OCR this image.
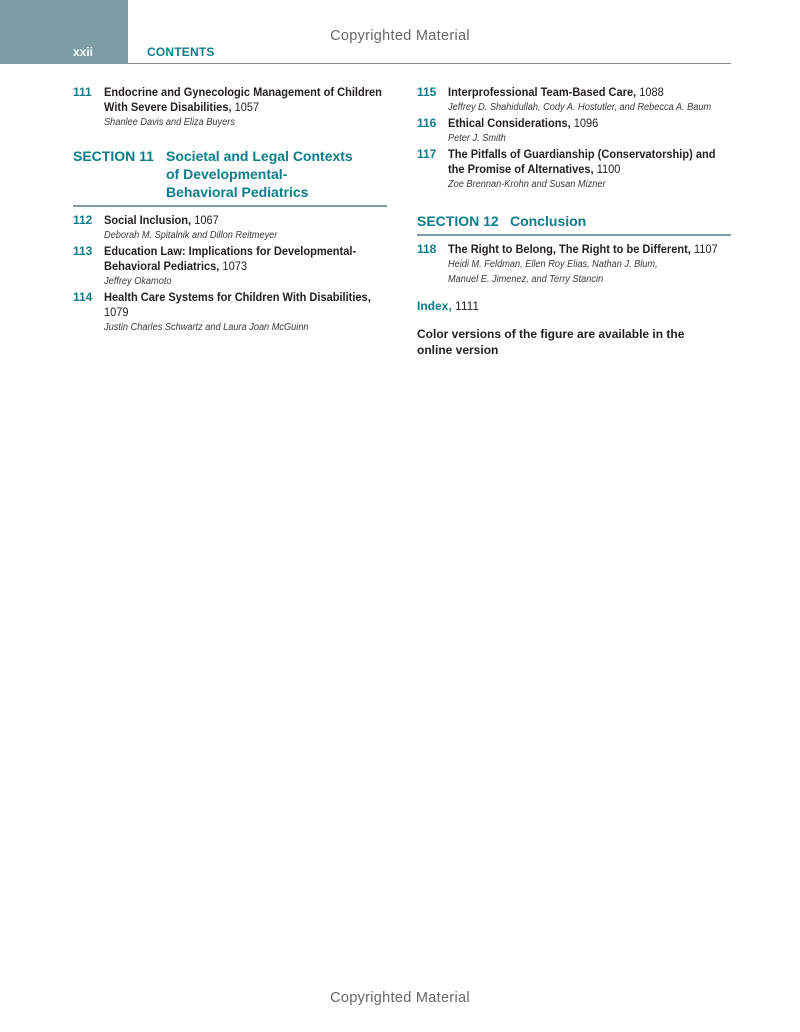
xxii	CONTENTS
Copyrighted Material
Copyrighted Material
111 Endocrine and Gynecologic Management of Children With Severe Disabilities, 1057
Shanlee Davis and Eliza Buyers
SECTION 11 Societal and Legal Contexts of Developmental-Behavioral Pediatrics
112 Social Inclusion, 1067
Deborah M. Spitalnik and Dillon Reitmeyer
113 Education Law: Implications for Developmental-Behavioral Pediatrics, 1073
Jeffrey Okamoto
114 Health Care Systems for Children With Disabilities, 1079
Justin Charles Schwartz and Laura Joan McGuinn
115 Interprofessional Team-Based Care, 1088
Jeffrey D. Shahidullah, Cody A. Hostutler, and Rebecca A. Baum
116 Ethical Considerations, 1096
Peter J. Smith
117 The Pitfalls of Guardianship (Conservatorship) and the Promise of Alternatives, 1100
Zoe Brennan-Krohn and Susan Mizner
SECTION 12 Conclusion
118 The Right to Belong, The Right to be Different, 1107
Heidi M. Feldman, Ellen Roy Elias, Nathan J. Blum, Manuel E. Jimenez, and Terry Stancin
Index, 1111
Color versions of the figure are available in the online version
